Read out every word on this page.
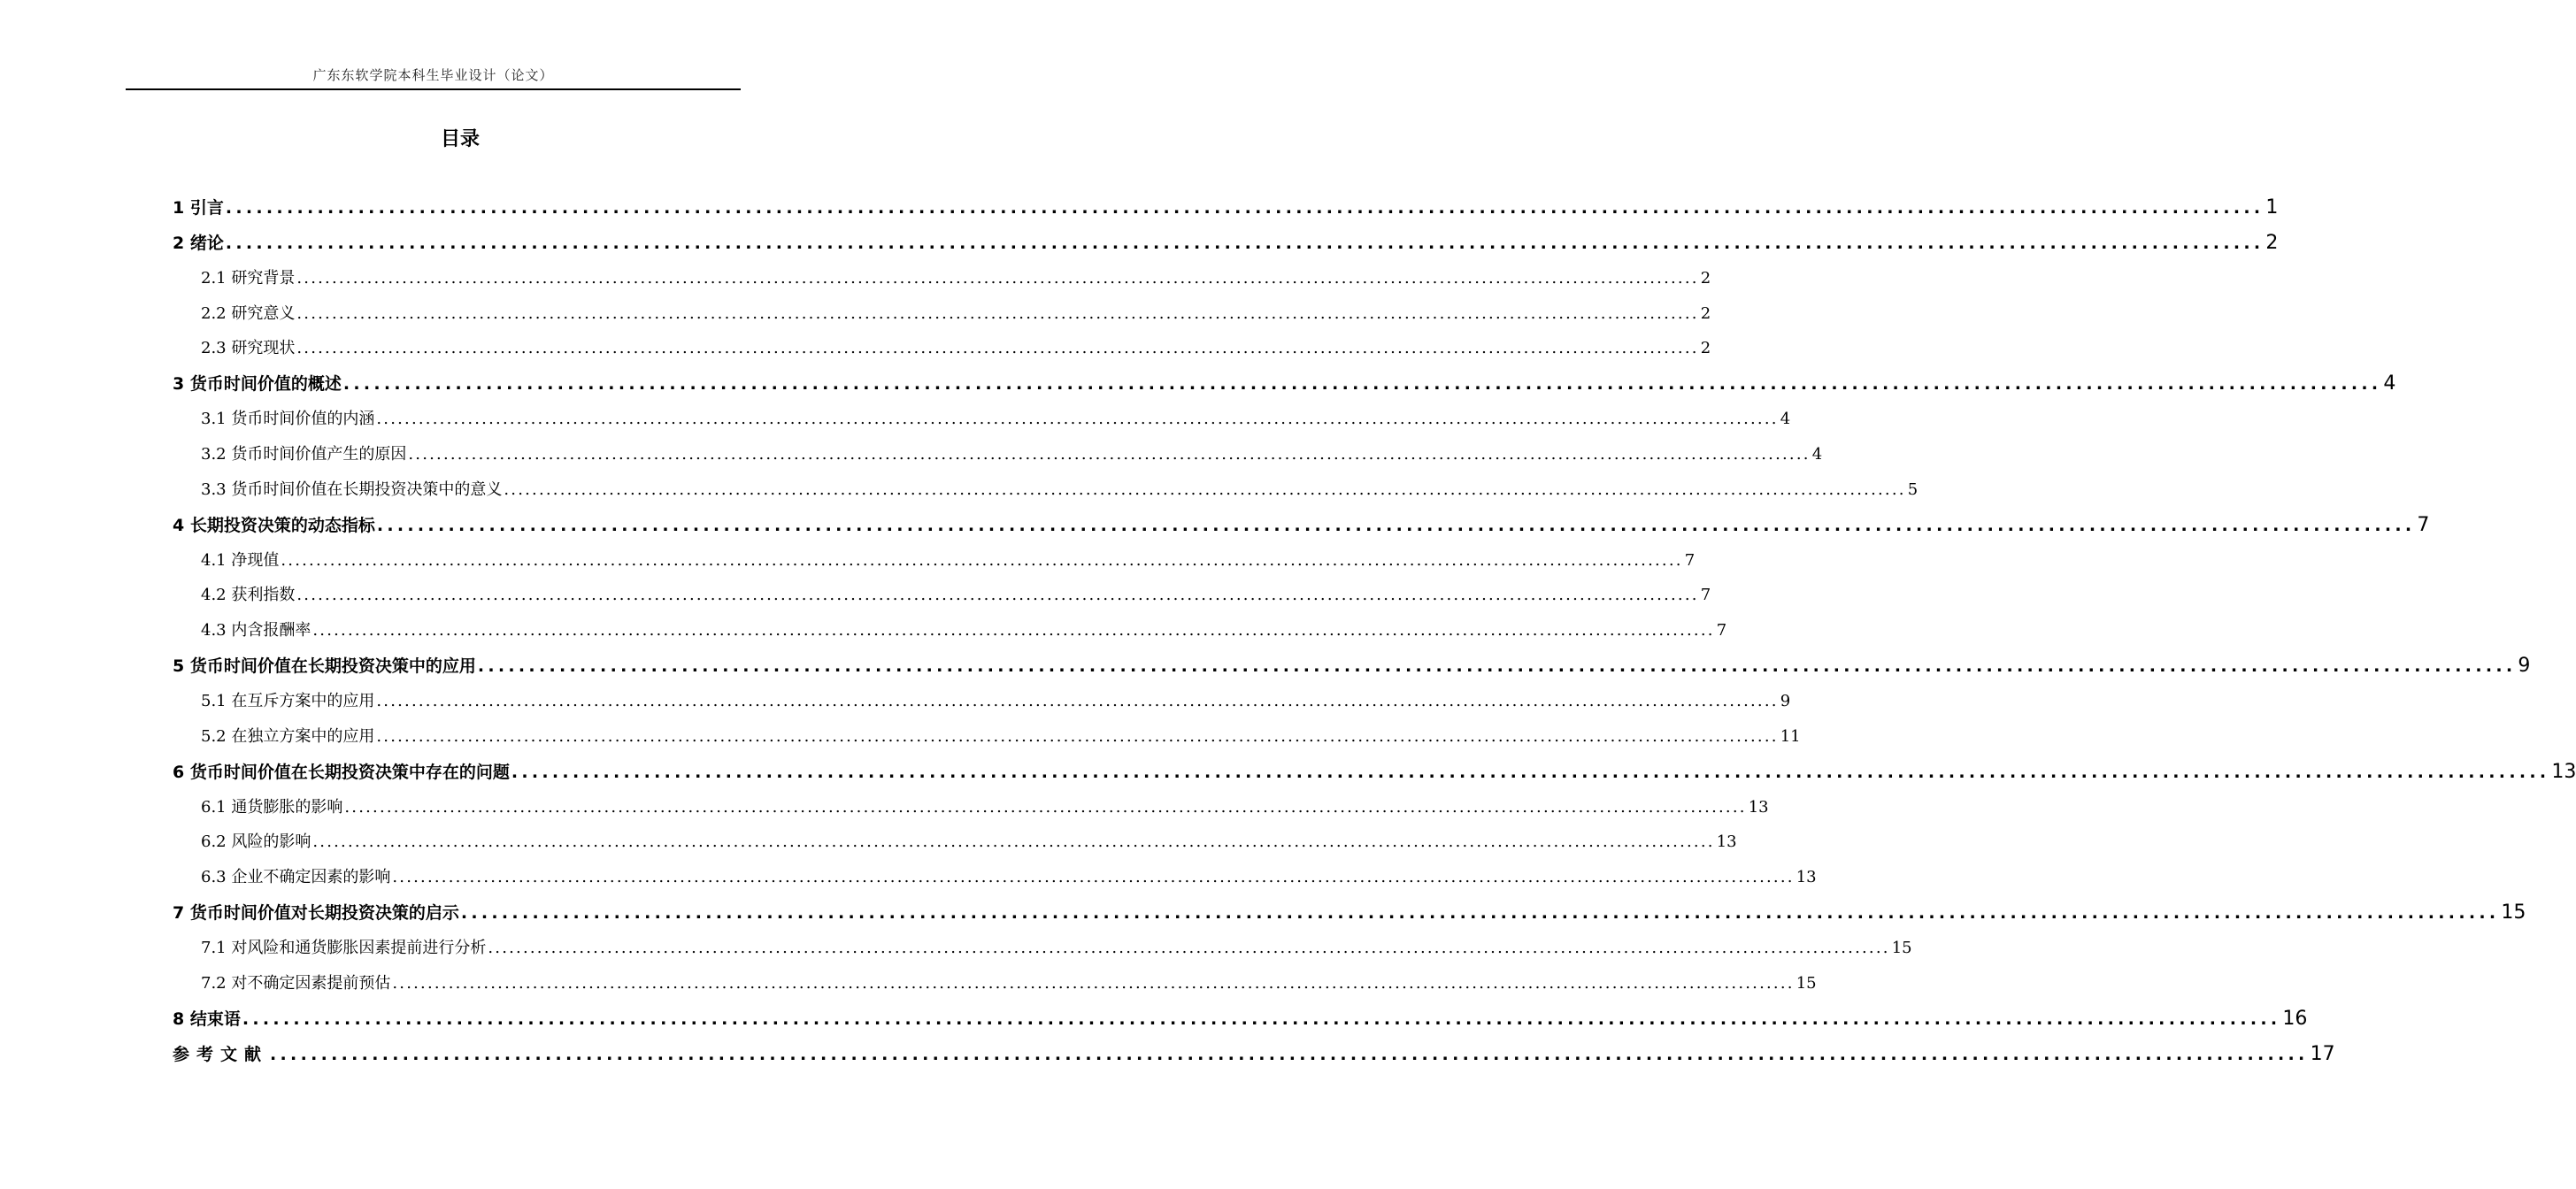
广东东软学院本科生毕业设计（论文）
目录
1 引言 ........................................................................................................................................................................................................ 1
2 绪论 ........................................................................................................................................................................................................ 2
2.1 研究背景 ........................................................................................................................................................................................................ 2
2.2 研究意义 ........................................................................................................................................................................................................ 2
2.3 研究现状 ........................................................................................................................................................................................................ 2
3 货币时间价值的概述 ........................................................................................................................................................................................................ 4
3.1 货币时间价值的内涵 ........................................................................................................................................................................................................ 4
3.2 货币时间价值产生的原因 ........................................................................................................................................................................................................ 4
3.3 货币时间价值在长期投资决策中的意义 ........................................................................................................................................................................................................ 5
4 长期投资决策的动态指标 ........................................................................................................................................................................................................ 7
4.1 净现值 ........................................................................................................................................................................................................ 7
4.2 获利指数 ........................................................................................................................................................................................................ 7
4.3 内含报酬率 ........................................................................................................................................................................................................ 7
5 货币时间价值在长期投资决策中的应用 ........................................................................................................................................................................................................ 9
5.1 在互斥方案中的应用 ........................................................................................................................................................................................................ 9
5.2 在独立方案中的应用 ........................................................................................................................................................................................................ 11
6 货币时间价值在长期投资决策中存在的问题 ........................................................................................................................................................................................................ 13
6.1 通货膨胀的影响 ........................................................................................................................................................................................................ 13
6.2 风险的影响 ........................................................................................................................................................................................................ 13
6.3 企业不确定因素的影响 ........................................................................................................................................................................................................ 13
7 货币时间价值对长期投资决策的启示 ........................................................................................................................................................................................................ 15
7.1 对风险和通货膨胀因素提前进行分析 ........................................................................................................................................................................................................ 15
7.2 对不确定因素提前预估 ........................................................................................................................................................................................................ 15
8 结束语 ........................................................................................................................................................................................................ 16
参考文献 ........................................................................................................................................................................................................ 17
